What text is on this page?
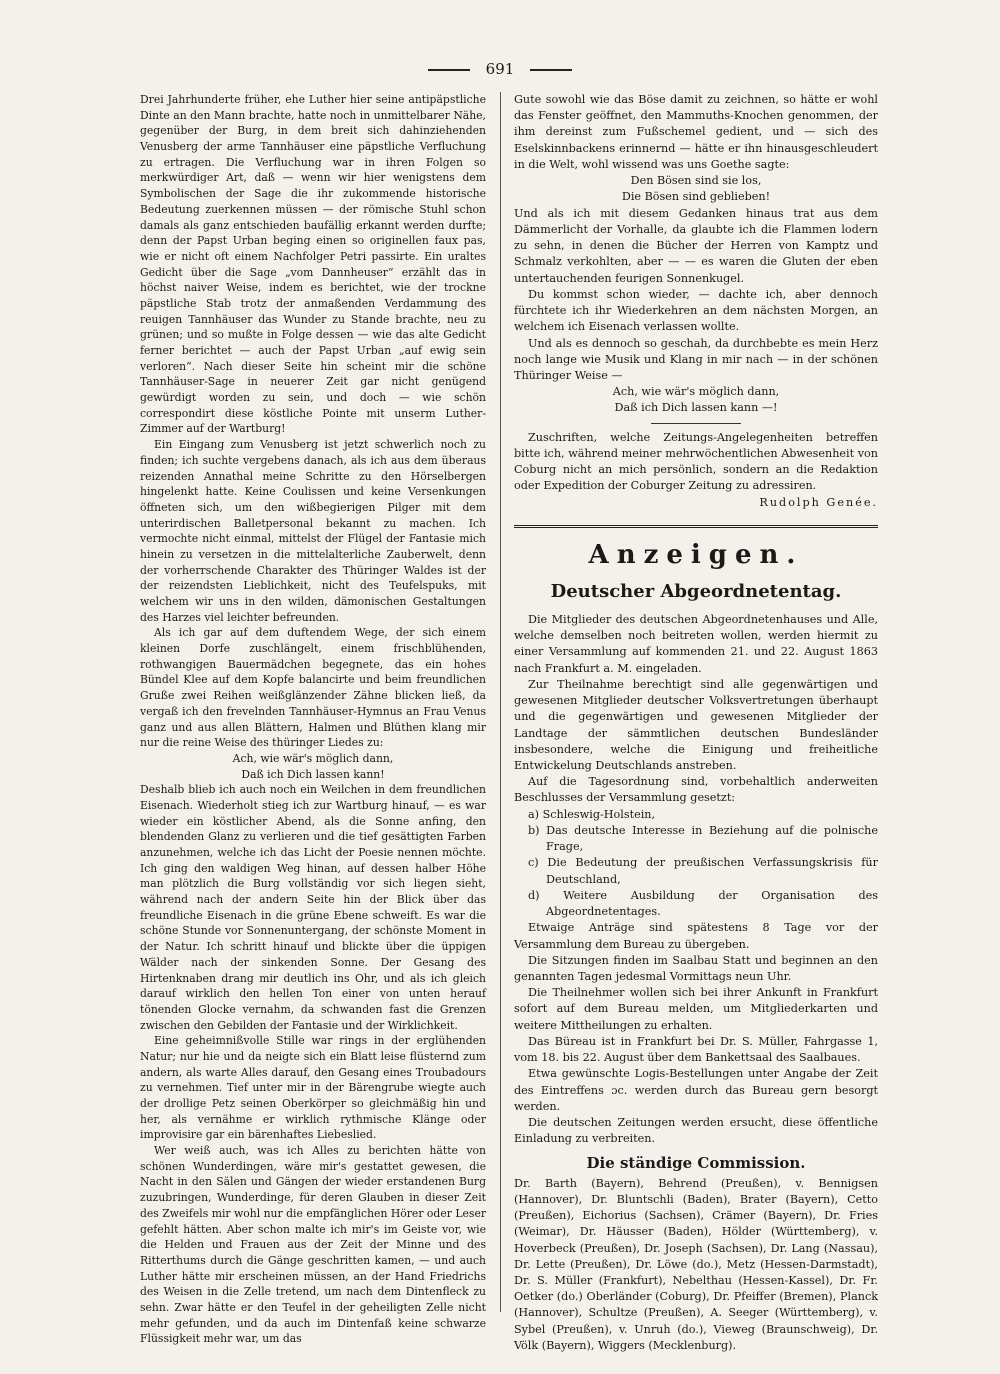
691

Drei Jahrhunderte früher, ehe Luther hier seine antipäpstliche Dinte an den Mann brachte, hatte noch in unmittelbarer Nähe, gegenüber der Burg, in dem breit sich dahinziehenden Venusberg der arme Tannhäuser eine päpstliche Verfluchung zu ertragen. Die Verfluchung war in ihren Folgen so merkwürdiger Art, daß — wenn wir hier wenigstens dem Symbolischen der Sage die ihr zukommende historische Bedeutung zuerkennen müssen — der römische Stuhl schon damals als ganz entschieden baufällig erkannt werden durfte; denn der Papst Urban beging einen so originellen faux pas, wie er nicht oft einem Nachfolger Petri passirte. Ein uraltes Gedicht über die Sage „vom Dannheuser“ erzählt das in höchst naiver Weise, indem es berichtet, wie der trockne päpstliche Stab trotz der anmaßenden Verdammung des reuigen Tannhäuser das Wunder zu Stande brachte, neu zu grünen; und so mußte in Folge dessen — wie das alte Gedicht ferner berichtet — auch der Papst Urban „auf ewig sein verloren“. Nach dieser Seite hin scheint mir die schöne Tannhäuser-Sage in neuerer Zeit gar nicht genügend gewürdigt worden zu sein, und doch — wie schön correspondirt diese köstliche Pointe mit unserm Luther-Zimmer auf der Wartburg!

Ein Eingang zum Venusberg ist jetzt schwerlich noch zu finden; ich suchte vergebens danach, als ich aus dem überaus reizenden Annathal meine Schritte zu den Hörselbergen hingelenkt hatte. Keine Coulissen und keine Versenkungen öffneten sich, um den wißbegierigen Pilger mit dem unterirdischen Balletpersonal bekannt zu machen. Ich vermochte nicht einmal, mittelst der Flügel der Fantasie mich hinein zu versetzen in die mittelalterliche Zauberwelt, denn der vorherrschende Charakter des Thüringer Waldes ist der der reizendsten Lieblichkeit, nicht des Teufelspuks, mit welchem wir uns in den wilden, dämonischen Gestaltungen des Harzes viel leichter befreunden.

Als ich gar auf dem duftendem Wege, der sich einem kleinen Dorfe zuschlängelt, einem frischblühenden, rothwangigen Bauermädchen begegnete, das ein hohes Bündel Klee auf dem Kopfe balancirte und beim freundlichen Gruße zwei Reihen weißglänzender Zähne blicken ließ, da vergaß ich den frevelnden Tannhäuser-Hymnus an Frau Venus ganz und aus allen Blättern, Halmen und Blüthen klang mir nur die reine Weise des thüringer Liedes zu:

Ach, wie wär's möglich dann,

Daß ich Dich lassen kann!

Deshalb blieb ich auch noch ein Weilchen in dem freundlichen Eisenach. Wiederholt stieg ich zur Wartburg hinauf, — es war wieder ein köstlicher Abend, als die Sonne anfing, den blendenden Glanz zu verlieren und die tief gesättigten Farben anzunehmen, welche ich das Licht der Poesie nennen möchte. Ich ging den waldigen Weg hinan, auf dessen halber Höhe man plötzlich die Burg vollständig vor sich liegen sieht, während nach der andern Seite hin der Blick über das freundliche Eisenach in die grüne Ebene schweift. Es war die schöne Stunde vor Sonnenuntergang, der schönste Moment in der Natur. Ich schritt hinauf und blickte über die üppigen Wälder nach der sinkenden Sonne. Der Gesang des Hirtenknaben drang mir deutlich ins Ohr, und als ich gleich darauf wirklich den hellen Ton einer von unten herauf tönenden Glocke vernahm, da schwanden fast die Grenzen zwischen den Gebilden der Fantasie und der Wirklichkeit.

Eine geheimnißvolle Stille war rings in der erglühenden Natur; nur hie und da neigte sich ein Blatt leise flüsternd zum andern, als warte Alles darauf, den Gesang eines Troubadours zu vernehmen. Tief unter mir in der Bärengrube wiegte auch der drollige Petz seinen Oberkörper so gleichmäßig hin und her, als vernähme er wirklich rythmische Klänge oder improvisire gar ein bärenhaftes Liebeslied.

Wer weiß auch, was ich Alles zu berichten hätte von schönen Wunderdingen, wäre mir's gestattet gewesen, die Nacht in den Sälen und Gängen der wieder erstandenen Burg zuzubringen, Wunderdinge, für deren Glauben in dieser Zeit des Zweifels mir wohl nur die empfänglichen Hörer oder Leser gefehlt hätten. Aber schon malte ich mir's im Geiste vor, wie die Helden und Frauen aus der Zeit der Minne und des Ritterthums durch die Gänge geschritten kamen, — und auch Luther hätte mir erscheinen müssen, an der Hand Friedrichs des Weisen in die Zelle tretend, um nach dem Dintenfleck zu sehn. Zwar hätte er den Teufel in der geheiligten Zelle nicht mehr gefunden, und da auch im Dintenfaß keine schwarze Flüssigkeit mehr war, um das

Gute sowohl wie das Böse damit zu zeichnen, so hätte er wohl das Fenster geöffnet, den Mammuths-Knochen genommen, der ihm dereinst zum Fußschemel gedient, und — sich des Eselskinnbackens erinnernd — hätte er ihn hinausgeschleudert in die Welt, wohl wissend was uns Goethe sagte:

Den Bösen sind sie los,

Die Bösen sind geblieben!

Und als ich mit diesem Gedanken hinaus trat aus dem Dämmerlicht der Vorhalle, da glaubte ich die Flammen lodern zu sehn, in denen die Bücher der Herren von Kamptz und Schmalz verkohlten, aber — — es waren die Gluten der eben untertauchenden feurigen Sonnenkugel.

Du kommst schon wieder, — dachte ich, aber dennoch fürchtete ich ihr Wiederkehren an dem nächsten Morgen, an welchem ich Eisenach verlassen wollte.

Und als es dennoch so geschah, da durchbebte es mein Herz noch lange wie Musik und Klang in mir nach — in der schönen Thüringer Weise —

Ach, wie wär's möglich dann,

Daß ich Dich lassen kann —!

Zuschriften, welche Zeitungs-Angelegenheiten betreffen bitte ich, während meiner mehrwöchentlichen Abwesenheit von Coburg nicht an mich persönlich, sondern an die Redaktion oder Expedition der Coburger Zeitung zu adressiren.

Rudolph Genée.

Anzeigen.
Deutscher Abgeordnetentag.

Die Mitglieder des deutschen Abgeordnetenhauses und Alle, welche demselben noch beitreten wollen, werden hiermit zu einer Versammlung auf kommenden 21. und 22. August 1863 nach Frankfurt a. M. eingeladen.

Zur Theilnahme berechtigt sind alle gegenwärtigen und gewesenen Mitglieder deutscher Volksvertretungen überhaupt und die gegenwärtigen und gewesenen Mitglieder der Landtage der sämmtlichen deutschen Bundesländer insbesondere, welche die Einigung und freiheitliche Entwickelung Deutschlands anstreben.

Auf die Tagesordnung sind, vorbehaltlich anderweiten Beschlusses der Versammlung gesetzt:

a) Schleswig-Holstein,
b) Das deutsche Interesse in Beziehung auf die polnische Frage,
c) Die Bedeutung der preußischen Verfassungskrisis für Deutschland,
d) Weitere Ausbildung der Organisation des Abgeordnetentages.

Etwaige Anträge sind spätestens 8 Tage vor der Versammlung dem Bureau zu übergeben.

Die Sitzungen finden im Saalbau Statt und beginnen an den genannten Tagen jedesmal Vormittags neun Uhr.

Die Theilnehmer wollen sich bei ihrer Ankunft in Frankfurt sofort auf dem Bureau melden, um Mitgliederkarten und weitere Mittheilungen zu erhalten.

Das Büreau ist in Frankfurt bei Dr. S. Müller, Fahrgasse 1, vom 18. bis 22. August über dem Bankettsaal des Saalbaues.

Etwa gewünschte Logis-Bestellungen unter Angabe der Zeit des Eintreffens ɔc. werden durch das Bureau gern besorgt werden.

Die deutschen Zeitungen werden ersucht, diese öffentliche Einladung zu verbreiten.

Die ständige Commission.

Dr. Barth (Bayern), Behrend (Preußen), v. Bennigsen (Hannover), Dr. Bluntschli (Baden), Brater (Bayern), Cetto (Preußen), Eichorius (Sachsen), Crämer (Bayern), Dr. Fries (Weimar), Dr. Häusser (Baden), Hölder (Württemberg), v. Hoverbeck (Preußen), Dr. Joseph (Sachsen), Dr. Lang (Nassau), Dr. Lette (Preußen), Dr. Löwe (do.), Metz (Hessen-Darmstadt), Dr. S. Müller (Frankfurt), Nebelthau (Hessen-Kassel), Dr. Fr. Oetker (do.) Oberländer (Coburg), Dr. Pfeiffer (Bremen), Planck (Hannover), Schultze (Preußen), A. Seeger (Württemberg), v. Sybel (Preußen), v. Unruh (do.), Vieweg (Braunschweig), Dr. Völk (Bayern), Wiggers (Mecklenburg).
